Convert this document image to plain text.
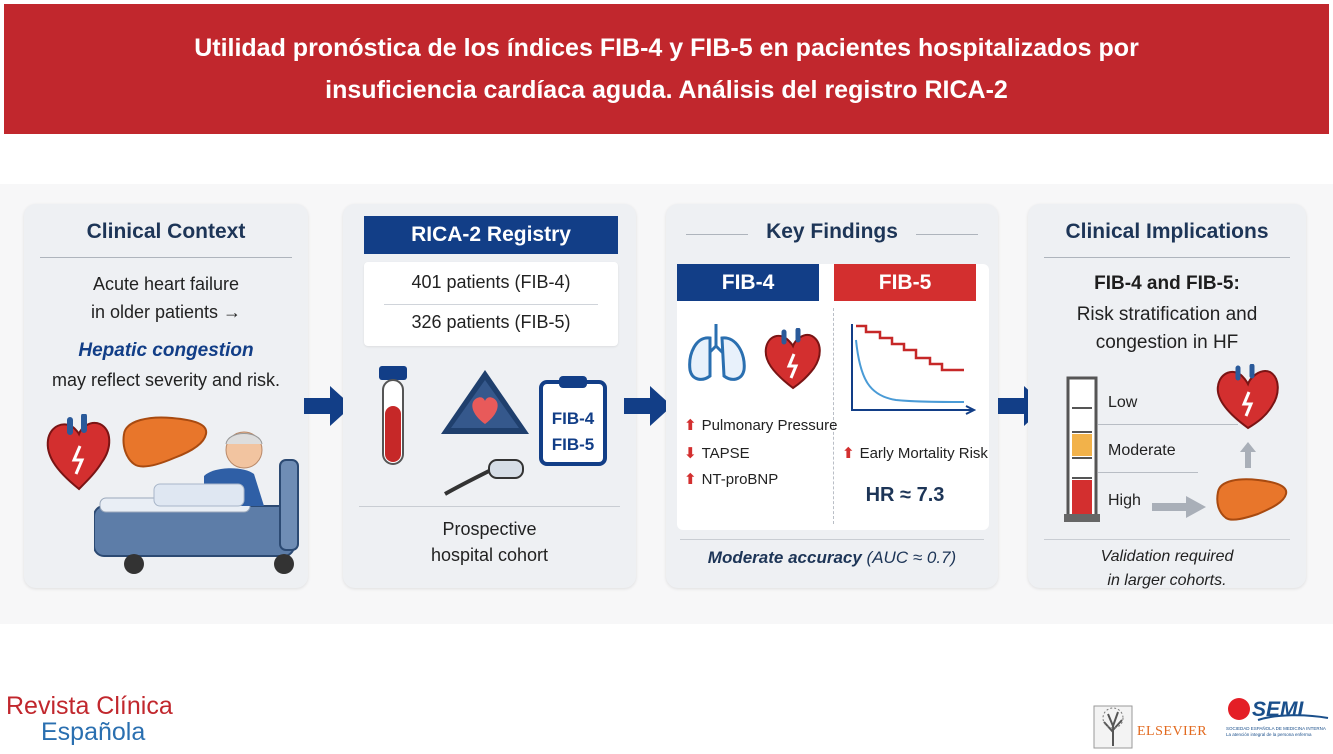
Utilidad pronóstica de los índices FIB-4 y FIB-5 en pacientes hospitalizados por
insuficiencia cardíaca aguda. Análisis del registro RICA-2
Clinical Context
Acute heart failure
in older patients →
Hepatic congestion
may reflect severity and risk.
RICA-2 Registry
401 patients (FIB-4)
326 patients (FIB-5)
FIB-4
FIB-5
Prospective
hospital cohort
Key Findings
FIB-4	FIB-5
⬆ Pulmonary Pressure
⬇ TAPSE
⬆ NT-proBNP
⬆ Early Mortality Risk
HR ≈ 7.3
Moderate accuracy (AUC ≈ 0.7)
Clinical Implications
FIB-4 and FIB-5:
Risk stratification and
congestion in HF
Low
Moderate
High
Validation required
in larger cohorts.
Revista Clínica
Española	ELSEVIER
SEMI
SOCIEDAD ESPAÑOLA DE MEDICINA INTERNA
La atención integral de la persona enferma
